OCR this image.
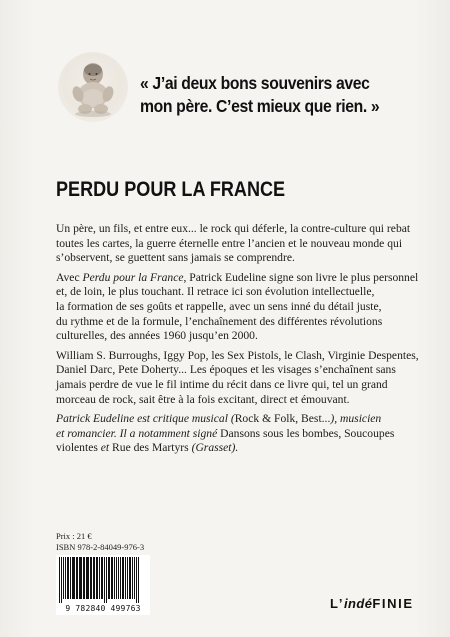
« J’ai deux bons souvenirs avec
mon père. C’est mieux que rien. »
PERDU POUR LA FRANCE
Un père, un fils, et entre eux... le rock qui déferle, la contre-culture qui rebat
toutes les cartes, la guerre éternelle entre l’ancien et le nouveau monde qui
s’observent, se guettent sans jamais se comprendre.
Avec Perdu pour la France, Patrick Eudeline signe son livre le plus personnel
et, de loin, le plus touchant. Il retrace ici son évolution intellectuelle,
la formation de ses goûts et rappelle, avec un sens inné du détail juste,
du rythme et de la formule, l’enchaînement des différentes révolutions
culturelles, des années 1960 jusqu’en 2000.
William S. Burroughs, Iggy Pop, les Sex Pistols, le Clash, Virginie Despentes,
Daniel Darc, Pete Doherty... Les époques et les visages s’enchaînent sans
jamais perdre de vue le fil intime du récit dans ce livre qui, tel un grand
morceau de rock, sait être à la fois excitant, direct et émouvant.
Patrick Eudeline est critique musical (Rock & Folk, Best...), musicien
et romancier. Il a notamment signé Dansons sous les bombes, Soucoupes
violentes et Rue des Martyrs (Grasset).
Prix : 21 €
ISBN 978-2-84049-976-3
9 782840 499763	L’indéFINIE
